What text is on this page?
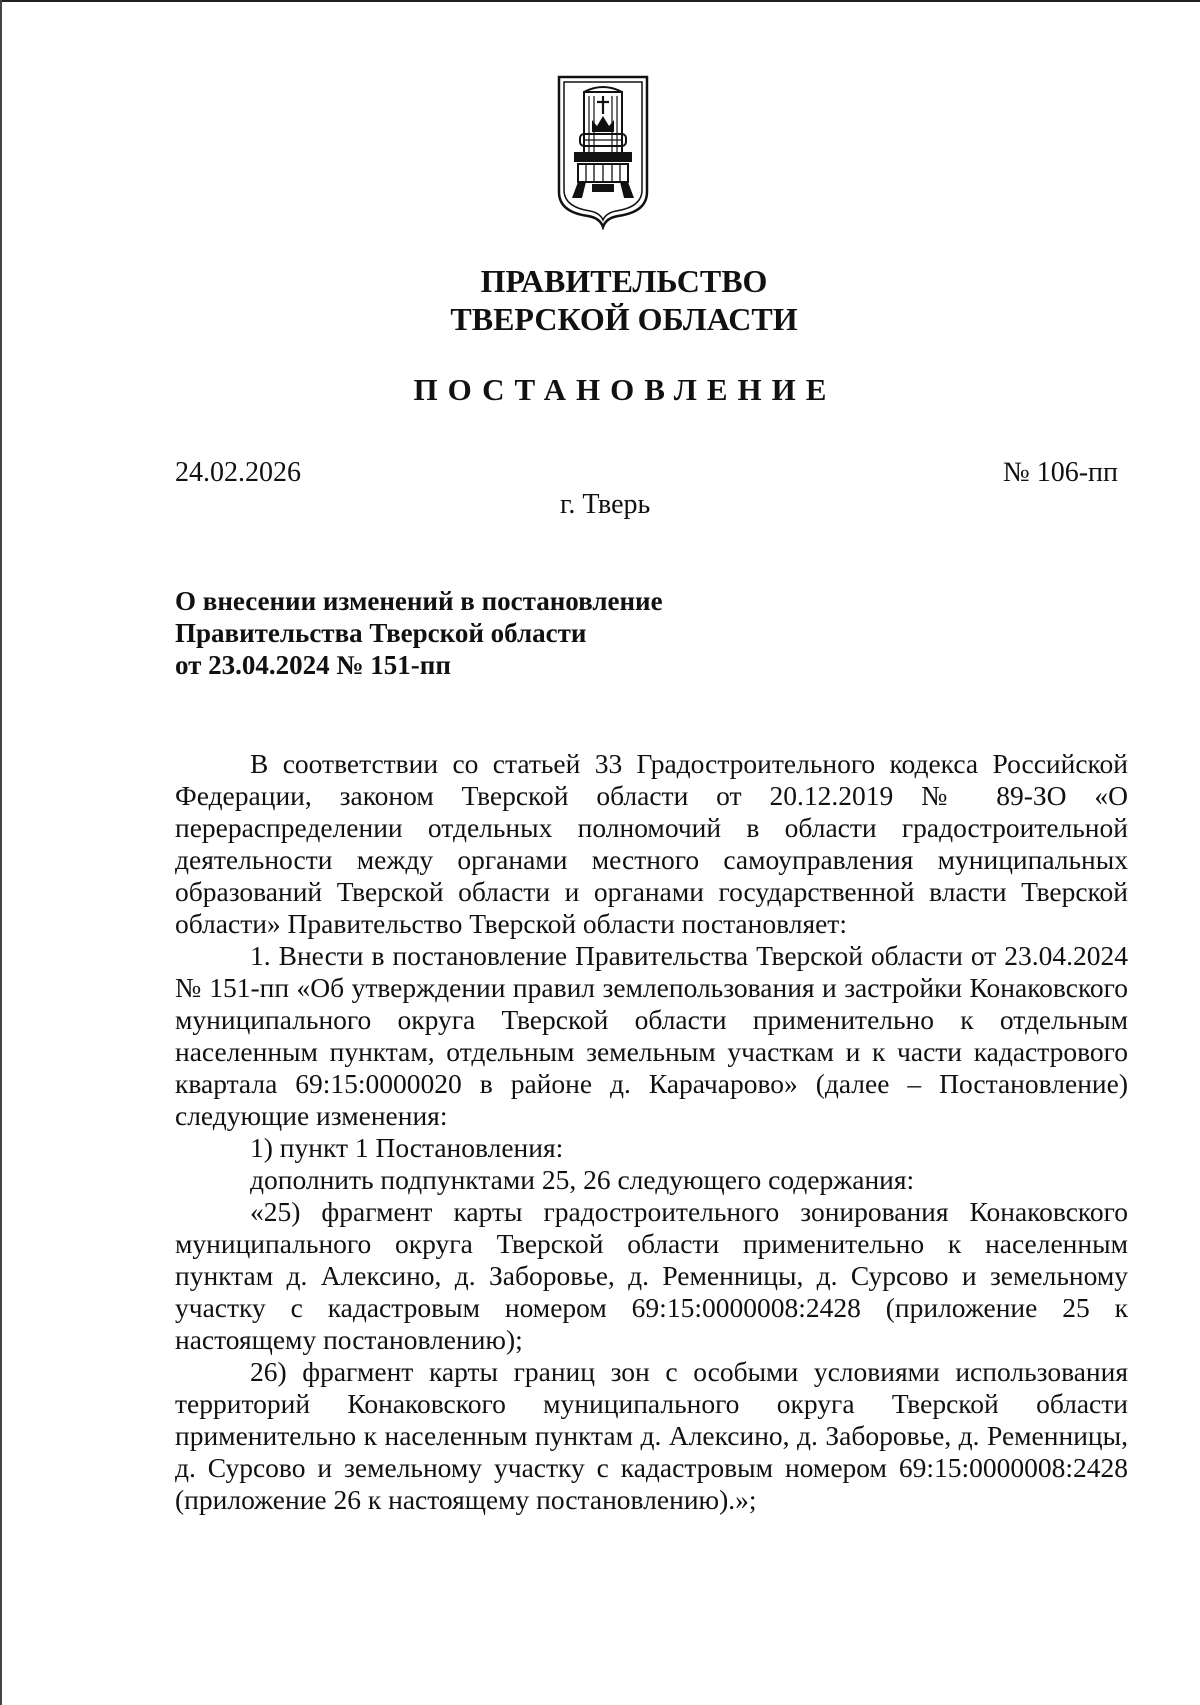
ПРАВИТЕЛЬСТВО
ТВЕРСКОЙ ОБЛАСТИ
ПОСТАНОВЛЕНИЕ
24.02.2026	№ 106-пп
г. Тверь
О внесении изменений в постановление
Правительства Тверской области
от 23.04.2024 № 151-пп

В соответствии со статьей 33 Градостроительного кодекса Российской Федерации, законом Тверской области от 20.12.2019 № 89-ЗО «О перераспределении отдельных полномочий в области градостроительной деятельности между органами местного самоуправления муниципальных образований Тверской области и органами государственной власти Тверской области» Правительство Тверской области постановляет:

1. Внести в постановление Правительства Тверской области от 23.04.2024 № 151-пп «Об утверждении правил землепользования и застройки Конаковского муниципального округа Тверской области применительно к отдельным населенным пунктам, отдельным земельным участкам и к части кадастрового квартала 69:15:0000020 в районе д. Карачарово» (далее – Постановление) следующие изменения:

1) пункт 1 Постановления:

дополнить подпунктами 25, 26 следующего содержания:

«25) фрагмент карты градостроительного зонирования Конаковского муниципального округа Тверской области применительно к населенным пунктам д. Алексино, д. Заборовье, д. Ременницы, д. Сурсово и земельному участку с кадастровым номером 69:15:0000008:2428 (приложение 25 к настоящему постановлению);

26) фрагмент карты границ зон с особыми условиями использования территорий Конаковского муниципального округа Тверской области применительно к населенным пунктам д. Алексино, д. Заборовье, д. Ременницы, д. Сурсово и земельному участку с кадастровым номером 69:15:0000008:2428 (приложение 26 к настоящему постановлению).»;
